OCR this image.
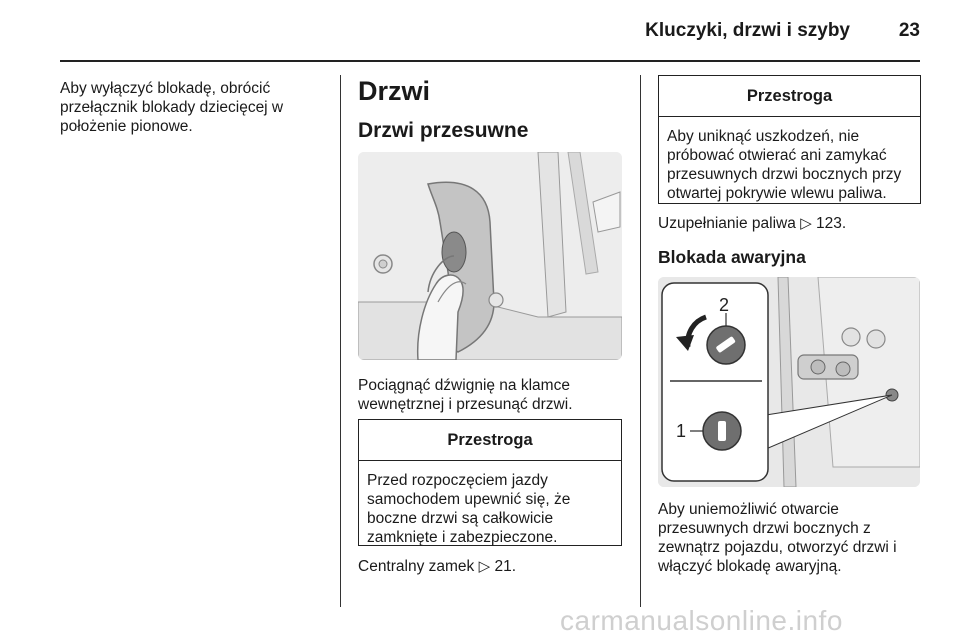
Kluczyki, drzwi i szyby	23

Aby wyłączyć blokadę, obrócić przełącznik blokady dziecięcej w położenie pionowe.

Drzwi
Drzwi przesuwne

Pociągnąć dźwignię na klamce wewnętrznej i przesunąć drzwi.

Przestroga
Przed rozpoczęciem jazdy samochodem upewnić się, że boczne drzwi są całkowicie zamknięte i zabezpieczone.

Centralny zamek ▷ 21.

Przestroga
Aby uniknąć uszkodzeń, nie próbować otwierać ani zamykać przesuwnych drzwi bocznych przy otwartej pokrywie wlewu paliwa.

Uzupełnianie paliwa ▷ 123.

Blokada awaryjna
2
1

Aby uniemożliwić otwarcie przesuwnych drzwi bocznych z zewnątrz pojazdu, otworzyć drzwi i włączyć blokadę awaryjną.

carmanualsonline.info
